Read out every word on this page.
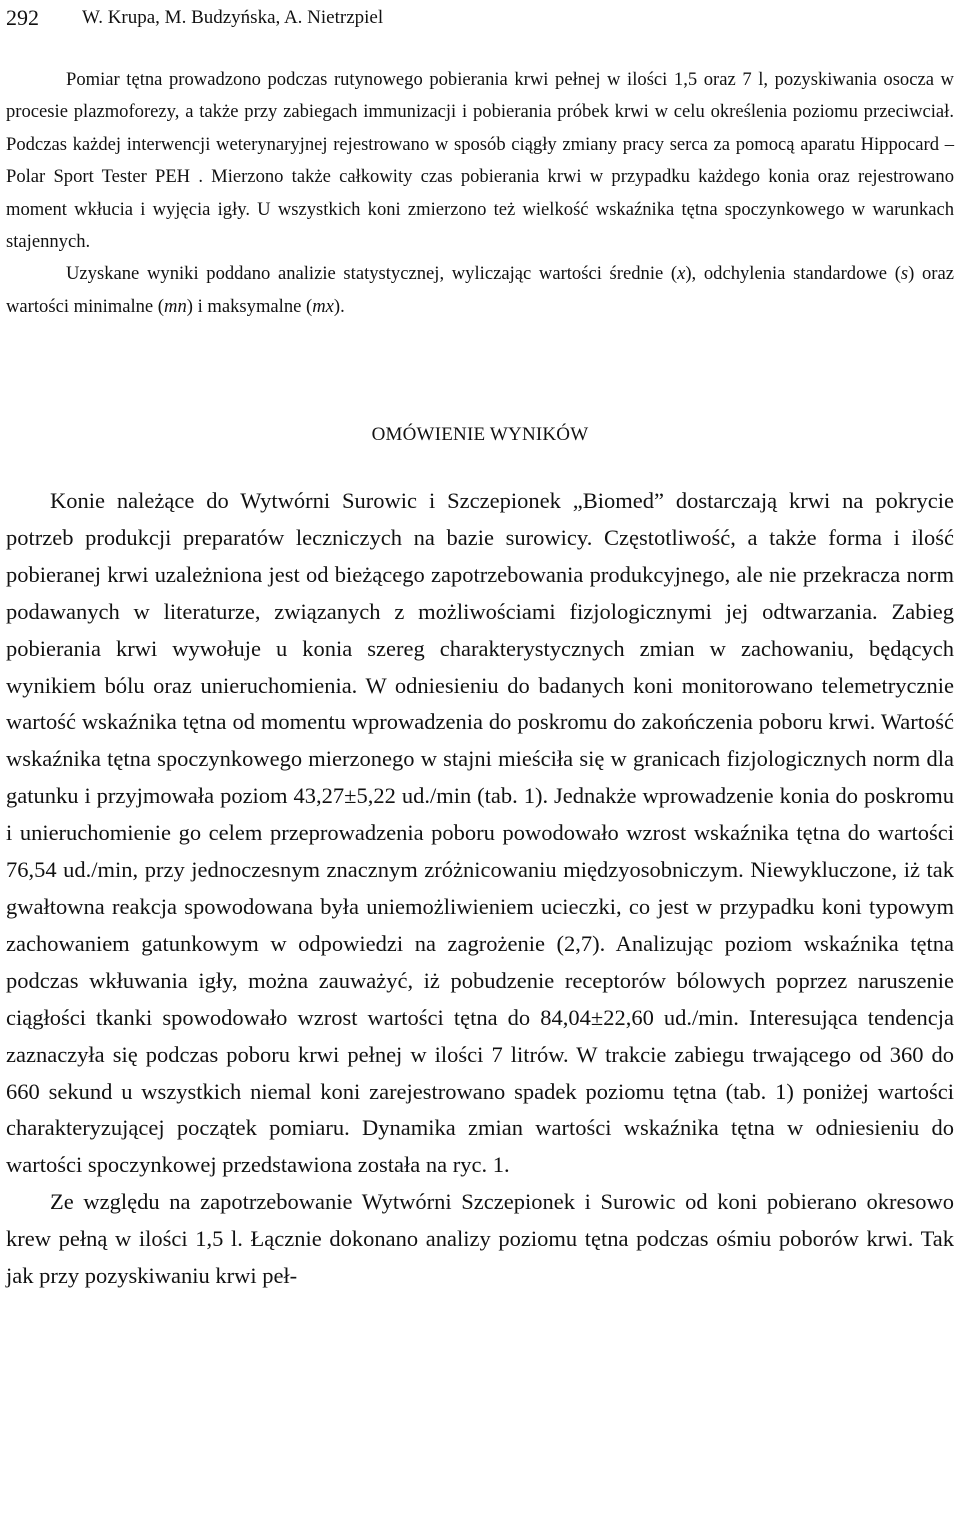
292 W. Krupa, M. Budzyńska, A. Nietrzpiel

Pomiar tętna prowadzono podczas rutynowego pobierania krwi pełnej w ilości 1,5 oraz 7 l, pozyskiwania osocza w procesie plazmoforezy, a także przy zabiegach immunizacji i pobierania próbek krwi w celu określenia poziomu przeciwciał. Podczas każdej interwencji weterynaryjnej rejestrowano w sposób ciągły zmiany pracy serca za pomocą aparatu Hippocard – Polar Sport Tester PEH . Mierzono także całkowity czas pobierania krwi w przypadku każdego konia oraz rejestrowano moment wkłucia i wyjęcia igły. U wszystkich koni zmierzono też wielkość wskaźnika tętna spoczynkowego w warunkach stajennych.

Uzyskane wyniki poddano analizie statystycznej, wyliczając wartości średnie (x), odchylenia standardowe (s) oraz wartości minimalne (mn) i maksymalne (mx).

OMÓWIENIE WYNIKÓW

Konie należące do Wytwórni Surowic i Szczepionek „Biomed” dostarczają krwi na pokrycie potrzeb produkcji preparatów leczniczych na bazie surowicy. Częstotliwość, a także forma i ilość pobieranej krwi uzależniona jest od bieżącego zapotrzebowania produkcyjnego, ale nie przekracza norm podawanych w literaturze, związanych z możliwościami fizjologicznymi jej odtwarzania. Zabieg pobierania krwi wywołuje u konia szereg charakterystycznych zmian w zachowaniu, będących wynikiem bólu oraz unieruchomienia. W odniesieniu do badanych koni monitorowano telemetrycznie wartość wskaźnika tętna od momentu wprowadzenia do poskromu do zakończenia poboru krwi. Wartość wskaźnika tętna spoczynkowego mierzonego w stajni mieściła się w granicach fizjologicznych norm dla gatunku i przyjmowała poziom 43,27±5,22 ud./min (tab. 1). Jednakże wprowadzenie konia do poskromu i unieruchomienie go celem przeprowadzenia poboru powodowało wzrost wskaźnika tętna do wartości 76,54 ud./min, przy jednoczesnym znacznym zróżnicowaniu międzyosobniczym. Niewykluczone, iż tak gwałtowna reakcja spowodowana była uniemożliwieniem ucieczki, co jest w przypadku koni typowym zachowaniem gatunkowym w odpowiedzi na zagrożenie (2,7). Analizując poziom wskaźnika tętna podczas wkłuwania igły, można zauważyć, iż pobudzenie receptorów bólowych poprzez naruszenie ciągłości tkanki spowodowało wzrost wartości tętna do 84,04±22,60 ud./min. Interesująca tendencja zaznaczyła się podczas poboru krwi pełnej w ilości 7 litrów. W trakcie zabiegu trwającego od 360 do 660 sekund u wszystkich niemal koni zarejestrowano spadek poziomu tętna (tab. 1) poniżej wartości charakteryzującej początek pomiaru. Dynamika zmian wartości wskaźnika tętna w odniesieniu do wartości spoczynkowej przedstawiona została na ryc. 1.

Ze względu na zapotrzebowanie Wytwórni Szczepionek i Surowic od koni pobierano okresowo krew pełną w ilości 1,5 l. Łącznie dokonano analizy poziomu tętna podczas ośmiu poborów krwi. Tak jak przy pozyskiwaniu krwi peł-
